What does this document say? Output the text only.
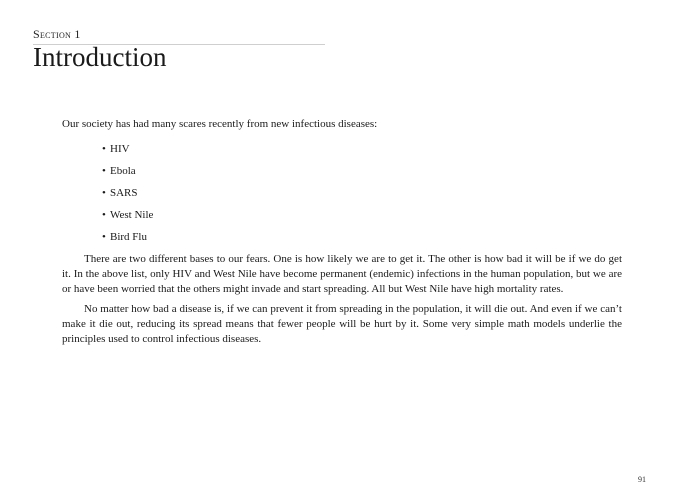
Section 1
Introduction

Our society has had many scares recently from new infectious diseases:

• HIV
• Ebola
• SARS
• West Nile
• Bird Flu

There are two different bases to our fears. One is how likely we are to get it. The other is how bad it will be if we do get it. In the above list, only HIV and West Nile have become permanent (endemic) infections in the human population, but we are or have been worried that the others might invade and start spreading. All but West Nile have high mortality rates.

No matter how bad a disease is, if we can prevent it from spreading in the population, it will die out. And even if we can’t make it die out, reducing its spread means that fewer people will be hurt by it. Some very simple math models underlie the principles used to control infectious diseases.

91
